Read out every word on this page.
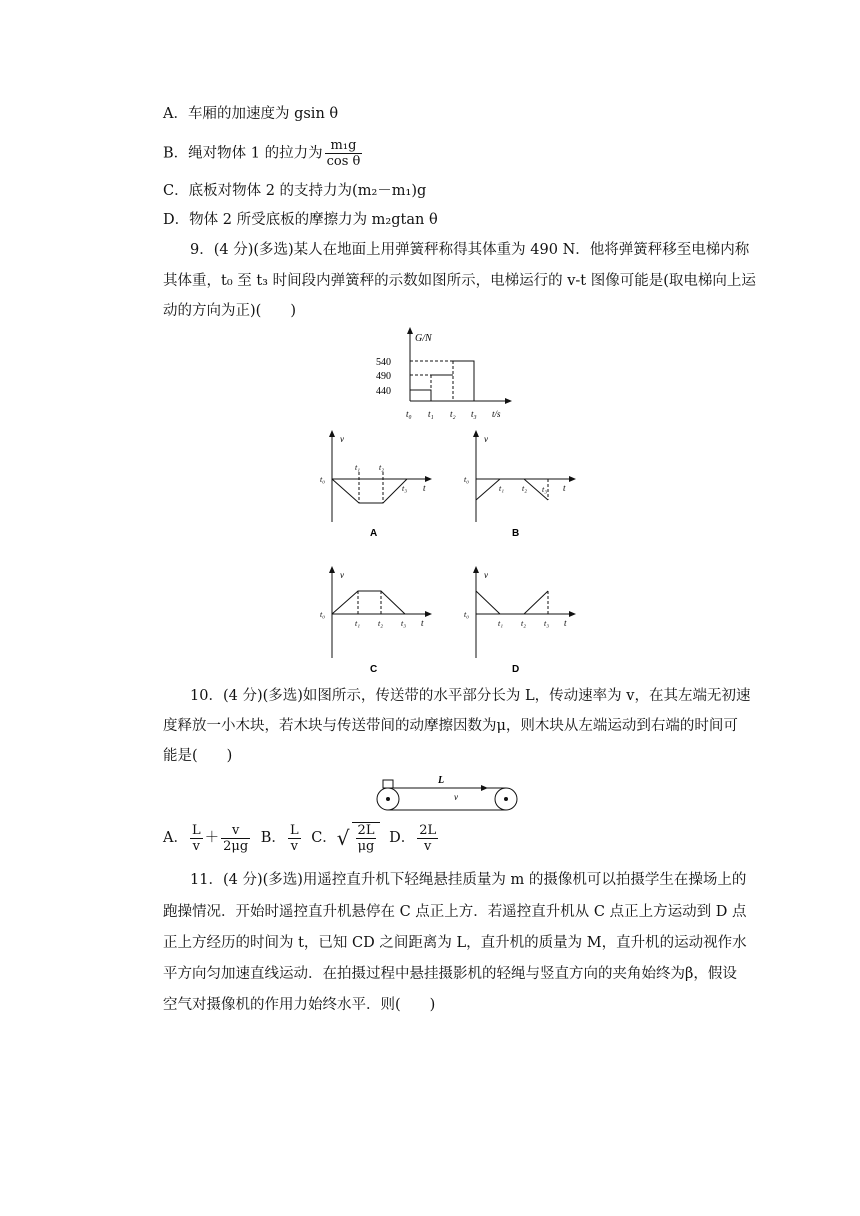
A．车厢的加速度为 gsin θ
B．绳对物体 1 的拉力为 $\frac{\text{m₁g}}{\text{cos θ}}$
C．底板对物体 2 的支持力为(m₂－m₁)g
D．物体 2 所受底板的摩擦力为 m₂gtan θ
9．(4 分)(多选)某人在地面上用弹簧秤称得其体重为 490 N．他将弹簧秤移至电梯内称
其体重，t₀ 至 t₃ 时间段内弹簧秤的示数如图所示，电梯运行的 v-t 图像可能是(取电梯向上运
动的方向为正)(　　)
G/N
540
490
440
t₀ t₁ t₂ t₃ t/s
v
t₀
t₁ t₂
t₃ t
A
v
t₀
t₁ t₂ t₃ t
B
v
t₀
t₁ t₂ t₃ t
C
v
t₀
t₁ t₂ t₃ t
D
10．(4 分)(多选)如图所示，传送带的水平部分长为 L，传动速率为 v，在其左端无初速
度释放一小木块，若木块与传送带间的动摩擦因数为μ，则木块从左端运动到右端的时间可
能是(　　)
L
v
A． $\frac{L}{v} + \frac{v}{2\mu g}$ B． $\frac{L}{v}$ C．√ $\frac{2L}{\mu g}$ D． $\frac{2L}{v}$
11．(4 分)(多选)用遥控直升机下轻绳悬挂质量为 m 的摄像机可以拍摄学生在操场上的
跑操情况．开始时遥控直升机悬停在 C 点正上方．若遥控直升机从 C 点正上方运动到 D 点
正上方经历的时间为 t，已知 CD 之间距离为 L，直升机的质量为 M，直升机的运动视作水
平方向匀加速直线运动．在拍摄过程中悬挂摄影机的轻绳与竖直方向的夹角始终为β，假设
空气对摄像机的作用力始终水平．则(　　)
